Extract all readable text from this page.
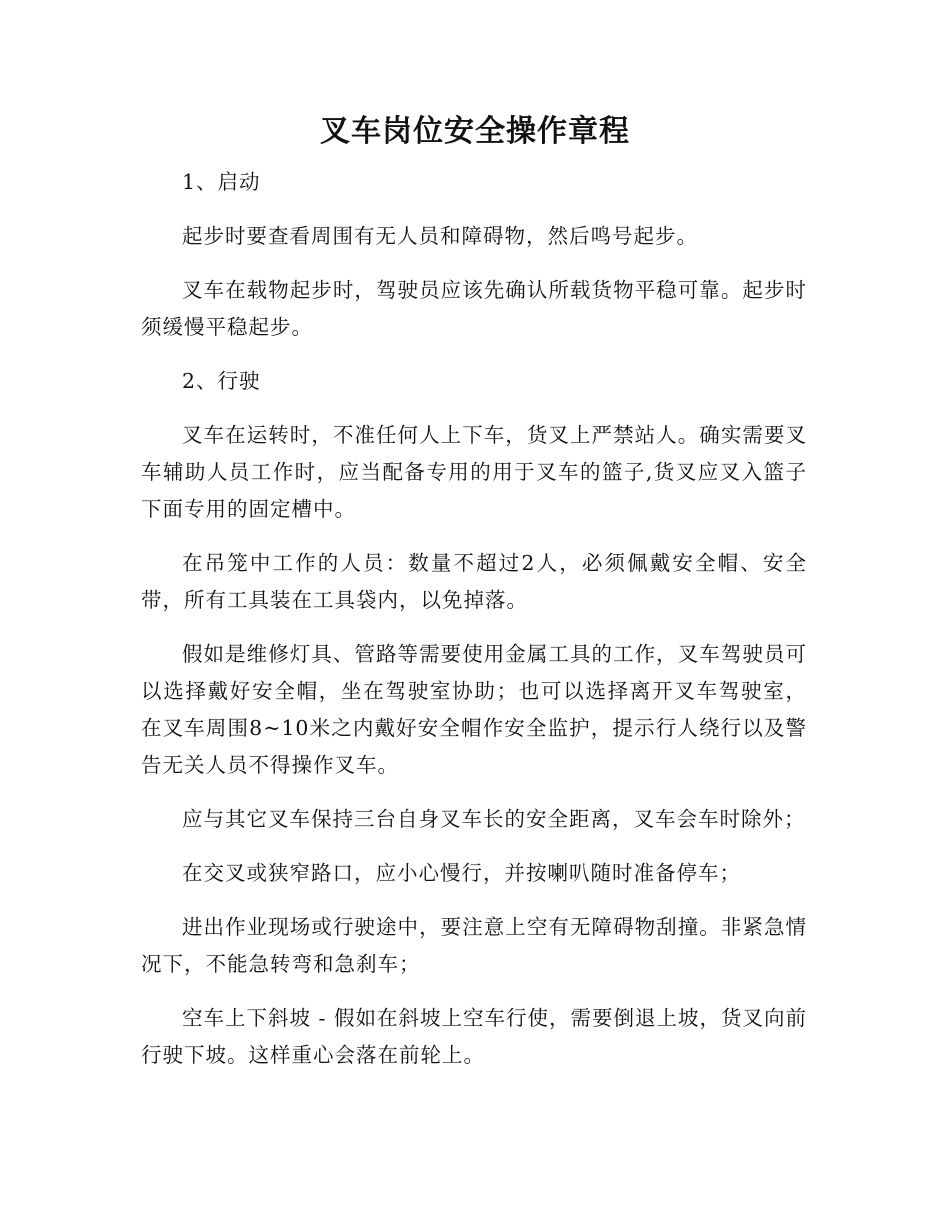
叉车岗位安全操作章程

1、启动

起步时要查看周围有无人员和障碍物，然后鸣号起步。

叉车在载物起步时，驾驶员应该先确认所载货物平稳可靠。起步时须缓慢平稳起步。

2、行驶

叉车在运转时，不准任何人上下车，货叉上严禁站人。确实需要叉车辅助人员工作时，应当配备专用的用于叉车的篮子,货叉应叉入篮子下面专用的固定槽中。

在吊笼中工作的人员：数量不超过2人，必须佩戴安全帽、安全带，所有工具装在工具袋内，以免掉落。

假如是维修灯具、管路等需要使用金属工具的工作，叉车驾驶员可以选择戴好安全帽，坐在驾驶室协助；也可以选择离开叉车驾驶室，在叉车周围8~10米之内戴好安全帽作安全监护，提示行人绕行以及警告无关人员不得操作叉车。

应与其它叉车保持三台自身叉车长的安全距离，叉车会车时除外；

在交叉或狭窄路口，应小心慢行，并按喇叭随时准备停车；

进出作业现场或行驶途中，要注意上空有无障碍物刮撞。非紧急情况下，不能急转弯和急刹车；

空车上下斜坡 - 假如在斜坡上空车行使，需要倒退上坡，货叉向前行驶下坡。这样重心会落在前轮上。
